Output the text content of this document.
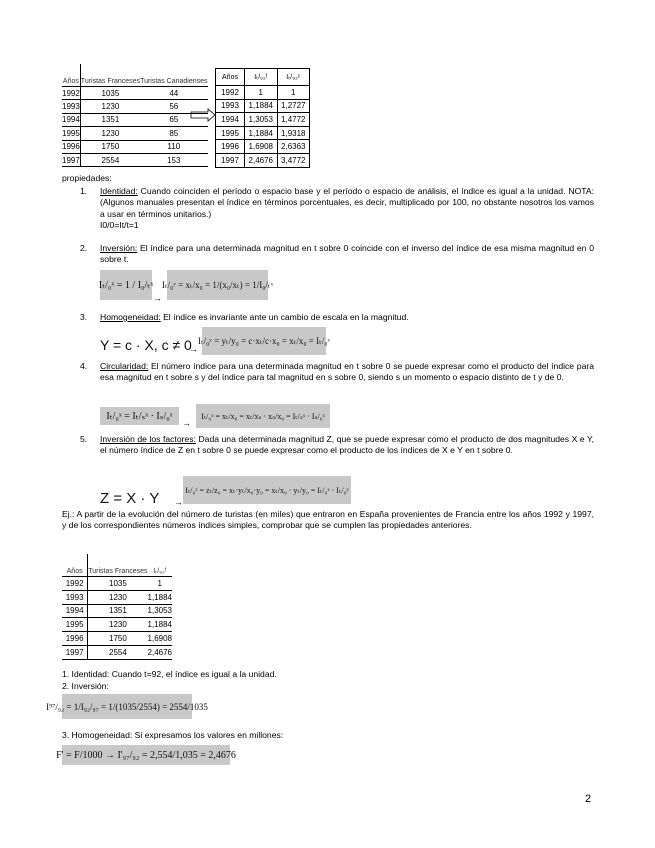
Años	Turistas Franceses	Turistas Canadienses
1992	1035	44
1993	1230	56
1994	1351	65
1995	1230	85
1996	1750	110
1997	2554	153
Años	Iₜ/₉₂ᶠ	Iₜ/₉₂ᶜ
1992	1	1
1993	1,1884	1,2727
1994	1,3053	1,4772
1995	1,1884	1,9318
1996	1,6908	2,6363
1997	2,4676	3,4772
propiedades:
1. Identidad: Cuando coinciden el período o espacio base y el período o espacio de análisis, el índice es igual a la unidad. NOTA: (Algunos manuales presentan el índice en términos porcentuales, es decir, multiplicado por 100, no obstante nosotros los vamos a usar en términos unitarios.)
I0/0=It/t=1
2. Inversión: El índice para una determinada magnitud en t sobre 0 coincide con el inverso del índice de esa misma magnitud en 0 sobre t.
Iₜ/₀ˣ = 1 / I₀/ₜˣ
→
Iₜ/₀ʸ = xₜ/x₀ = 1/(x₀/xₜ) = 1/I₀/ₜˣ
3. Homogeneidad: El índice es invariante ante un cambio de escala en la magnitud.
Y = c · X, c ≠ 0
→
Iₜ/₀ʸ = yₜ/y₀ = c·xₜ/c·x₀ = xₜ/x₀ = Iₜ/₀ˣ
4. Circularidad: El número índice para una determinada magnitud en t sobre 0 se puede expresar como el producto del índice para esa magnitud en t sobre s y del índice para tal magnitud en s sobre 0, siendo s un momento o espacio distinto de t y de 0.
Iₜ/₀ˣ = Iₜ/ₛˣ · Iₛ/₀ˣ
→
Iₜ/₀ˣ = xₜ/x₀ = xₜ/xₛ · xₛ/x₀ = Iₜ/ₛˣ · Iₛ/₀ˣ
5. Inversión de los factores: Dada una determinada magnitud Z, que se puede expresar como el producto de dos magnitudes X e Y, el número índice de Z en t sobre 0 se puede expresar como el producto de los índices de X e Y en t sobre 0.
Z = X · Y →
Iₜ/₀ᶻ = zₜ/z₀ = xₜ·yₜ/x₀·y₀ = xₜ/x₀ · yₜ/y₀ = Iₜ/₀ˣ · Iₜ/₀ʸ
Ej.: A partir de la evolución del número de turistas (en miles) que entraron en España provenientes de Francia entre los años 1992 y 1997, y de los correspondientes números índices simples, comprobar que se cumplen las propiedades anteriores.
Años	Turistas Franceses	Iₜ/₉₂ᶠ
1992	1035	1
1993	1230	1,1884
1994	1351	1,3053
1995	1230	1,1884
1996	1750	1,6908
1997	2554	2,4676
1. Identidad: Cuando t=92, el índice es igual a la unidad.
2. Inversión:
I⁹⁷/₉₂ = 1/I₉₂/₉₇ = 1/(1035/2554) = 2554/1035
3. Homogeneidad: Si expresamos los valores en millones:
F' = F/1000 → I'₉₇/₉₂ = 2,554/1,035 = 2,4676
2
